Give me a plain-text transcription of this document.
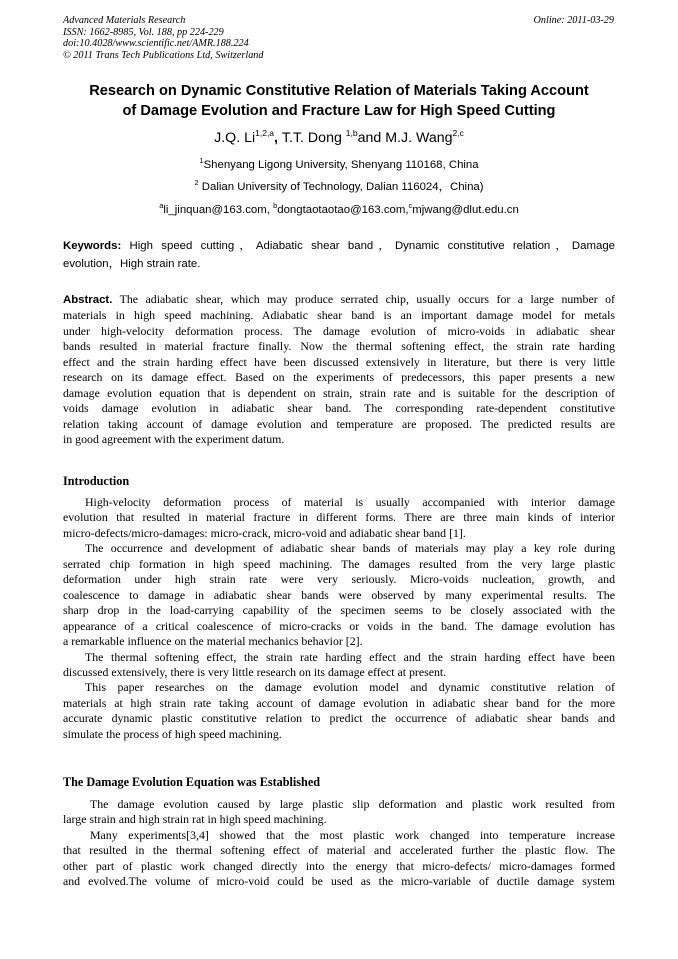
Advanced Materials Research
ISSN: 1662-8985, Vol. 188, pp 224-229
doi:10.4028/www.scientific.net/AMR.188.224
© 2011 Trans Tech Publications Ltd, Switzerland
Online: 2011-03-29
Research on Dynamic Constitutive Relation of Materials Taking Account
of Damage Evolution and Fracture Law for High Speed Cutting
J.Q. Li$^{1,2,a}$, T.T. Dong $^{1,b}$and M.J. Wang$^{2,c}$
$^1$Shenyang Ligong University, Shenyang 110168, China
$^2$ Dalian University of Technology, Dalian 116024，China)
$^a$li_jinquan@163.com, $^b$dongtaotaotao@163.com,$^c$mjwang@dlut.edu.cn
Keywords: High speed cutting，Adiabatic shear band，Dynamic constitutive relation，Damage
evolution，High strain rate.
Abstract. The adiabatic shear, which may produce serrated chip, usually occurs for a large number of
materials in high speed machining. Adiabatic shear band is an important damage model for metals
under high-velocity deformation process. The damage evolution of micro-voids in adiabatic shear
bands resulted in material fracture finally. Now the thermal softening effect, the strain rate harding
effect and the strain harding effect have been discussed extensively in literature, but there is very little
research on its damage effect. Based on the experiments of predecessors, this paper presents a new
damage evolution equation that is dependent on strain, strain rate and is suitable for the description of
voids damage evolution in adiabatic shear band. The corresponding rate-dependent constitutive
relation taking account of damage evolution and temperature are proposed. The predicted results are
in good agreement with the experiment datum.
Introduction
High-velocity deformation process of material is usually accompanied with interior damage
evolution that resulted in material fracture in different forms. There are three main kinds of interior
micro-defects/micro-damages: micro-crack, micro-void and adiabatic shear band [1].
The occurrence and development of adiabatic shear bands of materials may play a key role during
serrated chip formation in high speed machining. The damages resulted from the very large plastic
deformation under high strain rate were very seriously. Micro-voids nucleation, growth, and
coalescence to damage in adiabatic shear bands were observed by many experimental results. The
sharp drop in the load-carrying capability of the specimen seems to be closely associated with the
appearance of a critical coalescence of micro-cracks or voids in the band. The damage evolution has
a remarkable influence on the material mechanics behavior [2].
The thermal softening effect, the strain rate harding effect and the strain harding effect have been
discussed extensively, there is very little research on its damage effect at present.
This paper researches on the damage evolution model and dynamic constitutive relation of
materials at high strain rate taking account of damage evolution in adiabatic shear band for the more
accurate dynamic plastic constitutive relation to predict the occurrence of adiabatic shear bands and
simulate the process of high speed machining.
The Damage Evolution Equation was Established
The damage evolution caused by large plastic slip deformation and plastic work resulted from
large strain and high strain rat in high speed machining.
Many experiments[3,4] showed that the most plastic work changed into temperature increase
that resulted in the thermal softening effect of material and accelerated further the plastic flow. The
other part of plastic work changed directly into the energy that micro-defects/ micro-damages formed
and evolved.The volume of micro-void could be used as the micro-variable of ductile damage system
